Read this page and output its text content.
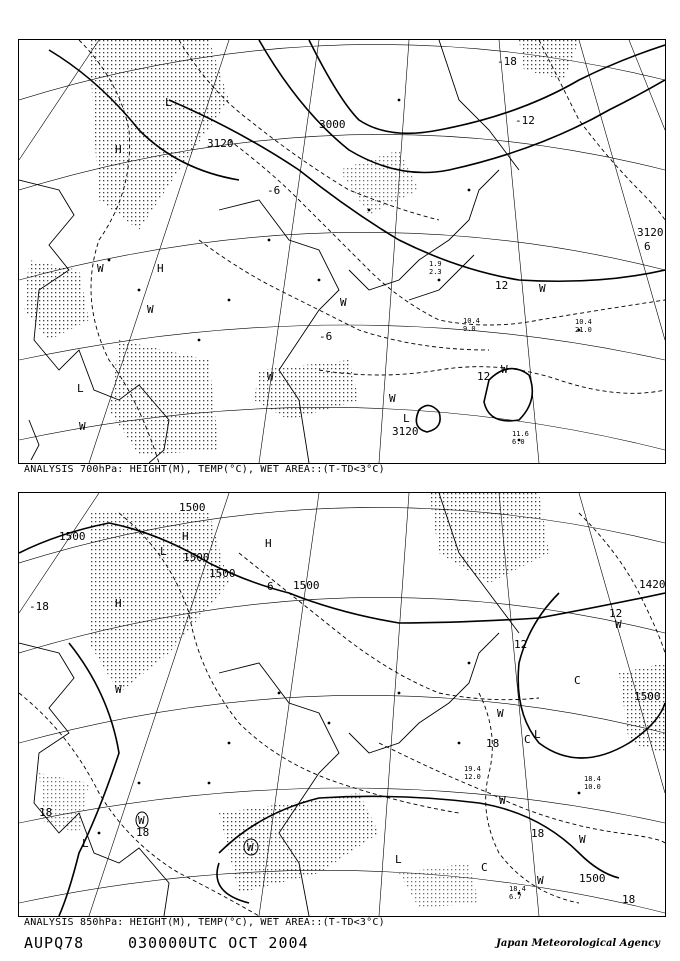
3000
3120
3120
3120
-12
-18
-6
-6
12
12
6
L
L
L
H
H
W
W
W
W
W
W
W
W
10.4
9.0
10.4
21.0
11.6
6.0
1.9
2.3
ANALYSIS 700hPa: HEIGHT(M), TEMP(°C), WET AREA::(T-TD<3°C)
1500
1500
1500
1500
1500
1500
1500
1420
-18
18
18
18
18
18
12
12
6
L
L
L
L
H
H
H
W
W
W
W
W
W
W
W
C
C
C
19.4
12.0	18.4
10.0
18.4
6.7
ANALYSIS 850hPa: HEIGHT(M), TEMP(°C), WET AREA::(T-TD<3°C)
AUPQ78	030000UTC OCT 2004	Japan Meteorological Agency
